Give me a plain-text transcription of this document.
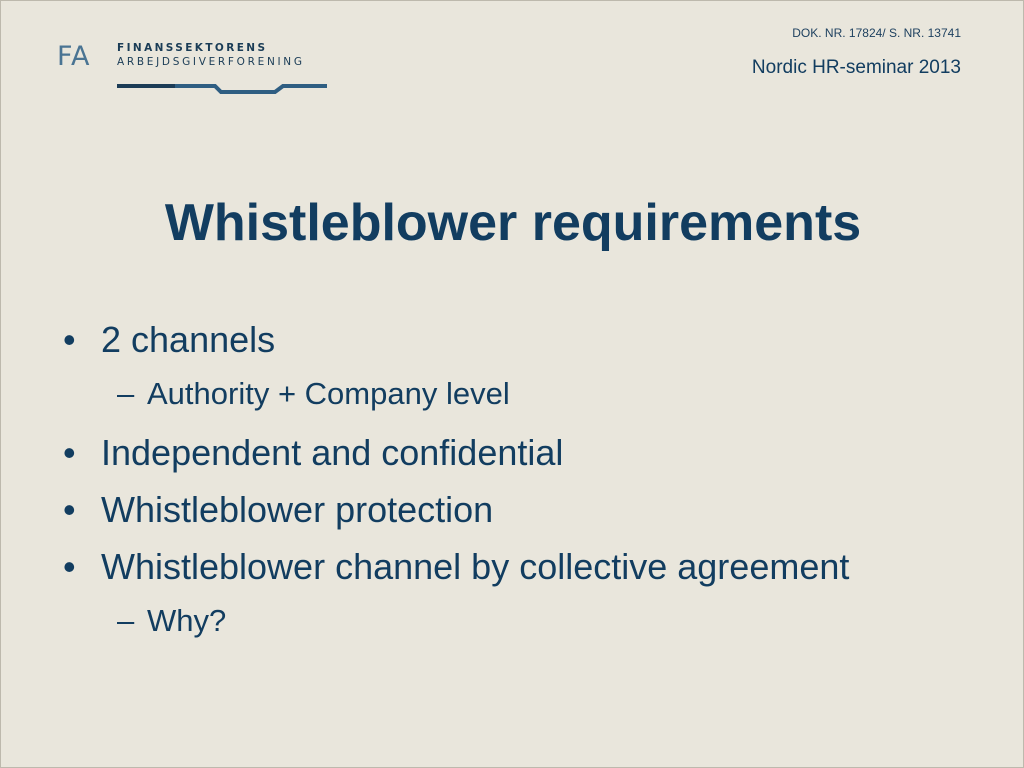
FA	FINANSSEKTORENS
ARBEJDSGIVERFORENING
DOK. NR. 17824/ S. NR. 13741
Nordic HR-seminar 2013
Whistleblower requirements
• 2 channels
– Authority + Company level
• Independent and confidential
• Whistleblower protection
• Whistleblower channel by collective agreement
– Why?
